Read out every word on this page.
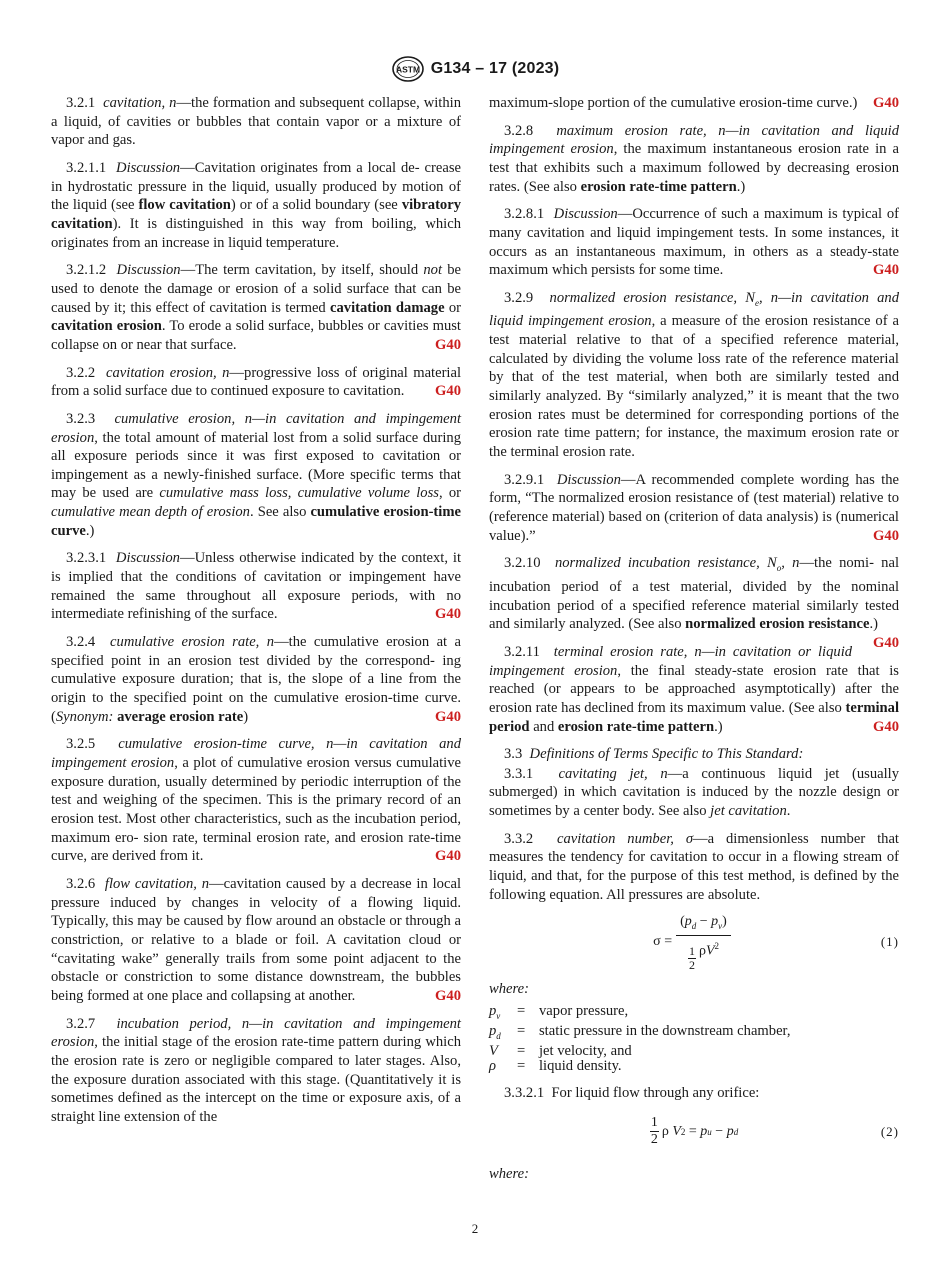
ASTM G134 – 17 (2023)

3.2.1 cavitation, n—the formation and subsequent collapse, within a liquid, of cavities or bubbles that contain vapor or a mixture of vapor and gas.

3.2.1.1 Discussion—Cavitation originates from a local de- crease in hydrostatic pressure in the liquid, usually produced by motion of the liquid (see flow cavitation) or of a solid boundary (see vibratory cavitation). It is distinguished in this way from boiling, which originates from an increase in liquid temperature.

3.2.1.2 Discussion—The term cavitation, by itself, should not be used to denote the damage or erosion of a solid surface that can be caused by it; this effect of cavitation is termed cavitation damage or cavitation erosion. To erode a solid surface, bubbles or cavities must collapse on or near that surface.	G40

3.2.2 cavitation erosion, n—progressive loss of original material from a solid surface due to continued exposure to cavitation.	G40

3.2.3 cumulative erosion, n—in cavitation and impingement erosion, the total amount of material lost from a solid surface during all exposure periods since it was first exposed to cavitation or impingement as a newly-finished surface. (More specific terms that may be used are cumulative mass loss, cumulative volume loss, or cumulative mean depth of erosion. See also cumulative erosion-time curve.)

3.2.3.1 Discussion—Unless otherwise indicated by the context, it is implied that the conditions of cavitation or impingement have remained the same throughout all exposure periods, with no intermediate refinishing of the surface.	G40

3.2.4 cumulative erosion rate, n—the cumulative erosion at a specified point in an erosion test divided by the correspond- ing cumulative exposure duration; that is, the slope of a line from the origin to the specified point on the cumulative erosion-time curve. (Synonym: average erosion rate)	G40

3.2.5 cumulative erosion-time curve, n—in cavitation and impingement erosion, a plot of cumulative erosion versus cumulative exposure duration, usually determined by periodic interruption of the test and weighing of the specimen. This is the primary record of an erosion test. Most other characteristics, such as the incubation period, maximum ero- sion rate, terminal erosion rate, and erosion rate-time curve, are derived from it.	G40

3.2.6 flow cavitation, n—cavitation caused by a decrease in local pressure induced by changes in velocity of a flowing liquid. Typically, this may be caused by flow around an obstacle or through a constriction, or relative to a blade or foil. A cavitation cloud or “cavitating wake” generally trails from some point adjacent to the obstacle or constriction to some distance downstream, the bubbles being formed at one place and collapsing at another.	G40

3.2.7 incubation period, n—in cavitation and impingement erosion, the initial stage of the erosion rate-time pattern during which the erosion rate is zero or negligible compared to later stages. Also, the exposure duration associated with this stage. (Quantitatively it is sometimes defined as the intercept on the time or exposure axis, of a straight line extension of the

maximum-slope portion of the cumulative erosion-time curve.) G40

3.2.8 maximum erosion rate, n—in cavitation and liquid impingement erosion, the maximum instantaneous erosion rate in a test that exhibits such a maximum followed by decreasing erosion rates. (See also erosion rate-time pattern.)

3.2.8.1 Discussion—Occurrence of such a maximum is typical of many cavitation and liquid impingement tests. In some instances, it occurs as an instantaneous maximum, in others as a steady-state maximum which persists for some time.	G40

3.2.9 normalized erosion resistance, $N_e$, n—in cavitation and liquid impingement erosion, a measure of the erosion resistance of a test material relative to that of a specified reference material, calculated by dividing the volume loss rate of the reference material by that of the test material, when both are similarly tested and similarly analyzed. By “similarly analyzed,” it is meant that the two erosion rates must be determined for corresponding portions of the erosion rate time pattern; for instance, the maximum erosion rate or the terminal erosion rate.

3.2.9.1 Discussion—A recommended complete wording has the form, “The normalized erosion resistance of (test material) relative to (reference material) based on (criterion of data analysis) is (numerical value).”	G40

3.2.10 normalized incubation resistance, $N_o$, n—the nomi- nal incubation period of a test material, divided by the nominal incubation period of a specified reference material similarly tested and similarly analyzed. (See also normalized erosion resistance.)
G40

3.2.11 terminal erosion rate, n—in cavitation or liquid impingement erosion, the final steady-state erosion rate that is reached (or appears to be approached asymptotically) after the erosion rate has declined from its maximum value. (See also terminal period and erosion rate-time pattern.)	G40

3.3 Definitions of Terms Specific to This Standard:

3.3.1 cavitating jet, n—a continuous liquid jet (usually submerged) in which cavitation is induced by the nozzle design or sometimes by a center body. See also jet cavitation.

3.3.2 cavitation number, σ—a dimensionless number that measures the tendency for cavitation to occur in a flowing stream of liquid, and that, for the purpose of this test method, is defined by the following equation. All pressures are absolute.

$\sigma = \frac{(p_d - p_v)}{\frac{1}{2} \rho V^2}$	(1)

where:

$p_v$	= vapor pressure,
$p_d$	= static pressure in the downstream chamber,
V	= jet velocity, and
ρ	= liquid density.

3.3.2.1 For liquid flow through any orifice:

$\frac{1}{2}$ ρ
V 2 = p u − p d	(2)

where:

2
